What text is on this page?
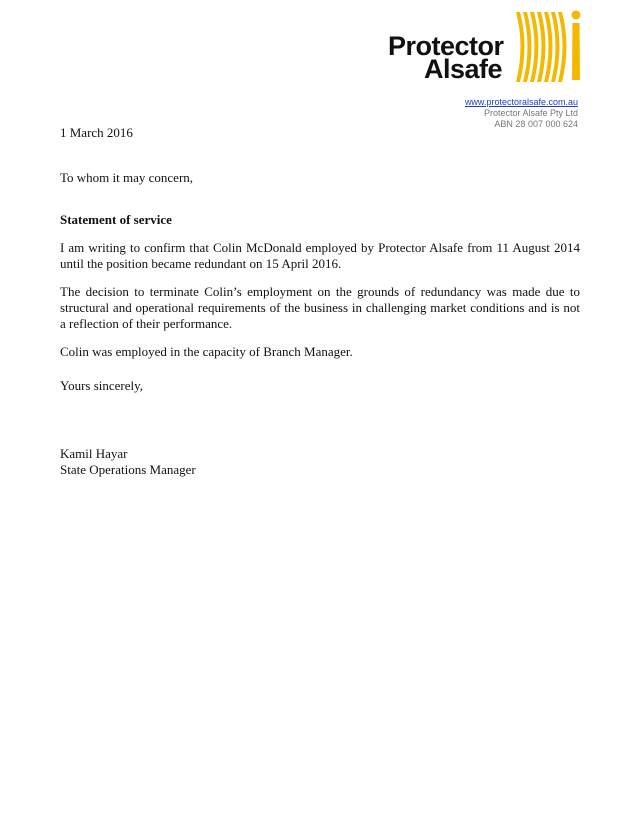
Protector
Alsafe
www.protectoralsafe.com.au
Protector Alsafe Pty Ltd
ABN 28 007 000 624

1 March 2016

To whom it may concern,

Statement of service

I am writing to confirm that Colin McDonald employed by Protector Alsafe from 11 August 2014 until the position became redundant on 15 April 2016.

The decision to terminate Colin’s employment on the grounds of redundancy was made due to structural and operational requirements of the business in challenging market conditions and is not a reflection of their performance.

Colin was employed in the capacity of Branch Manager.

Yours sincerely,

Kamil Hayar

State Operations Manager
